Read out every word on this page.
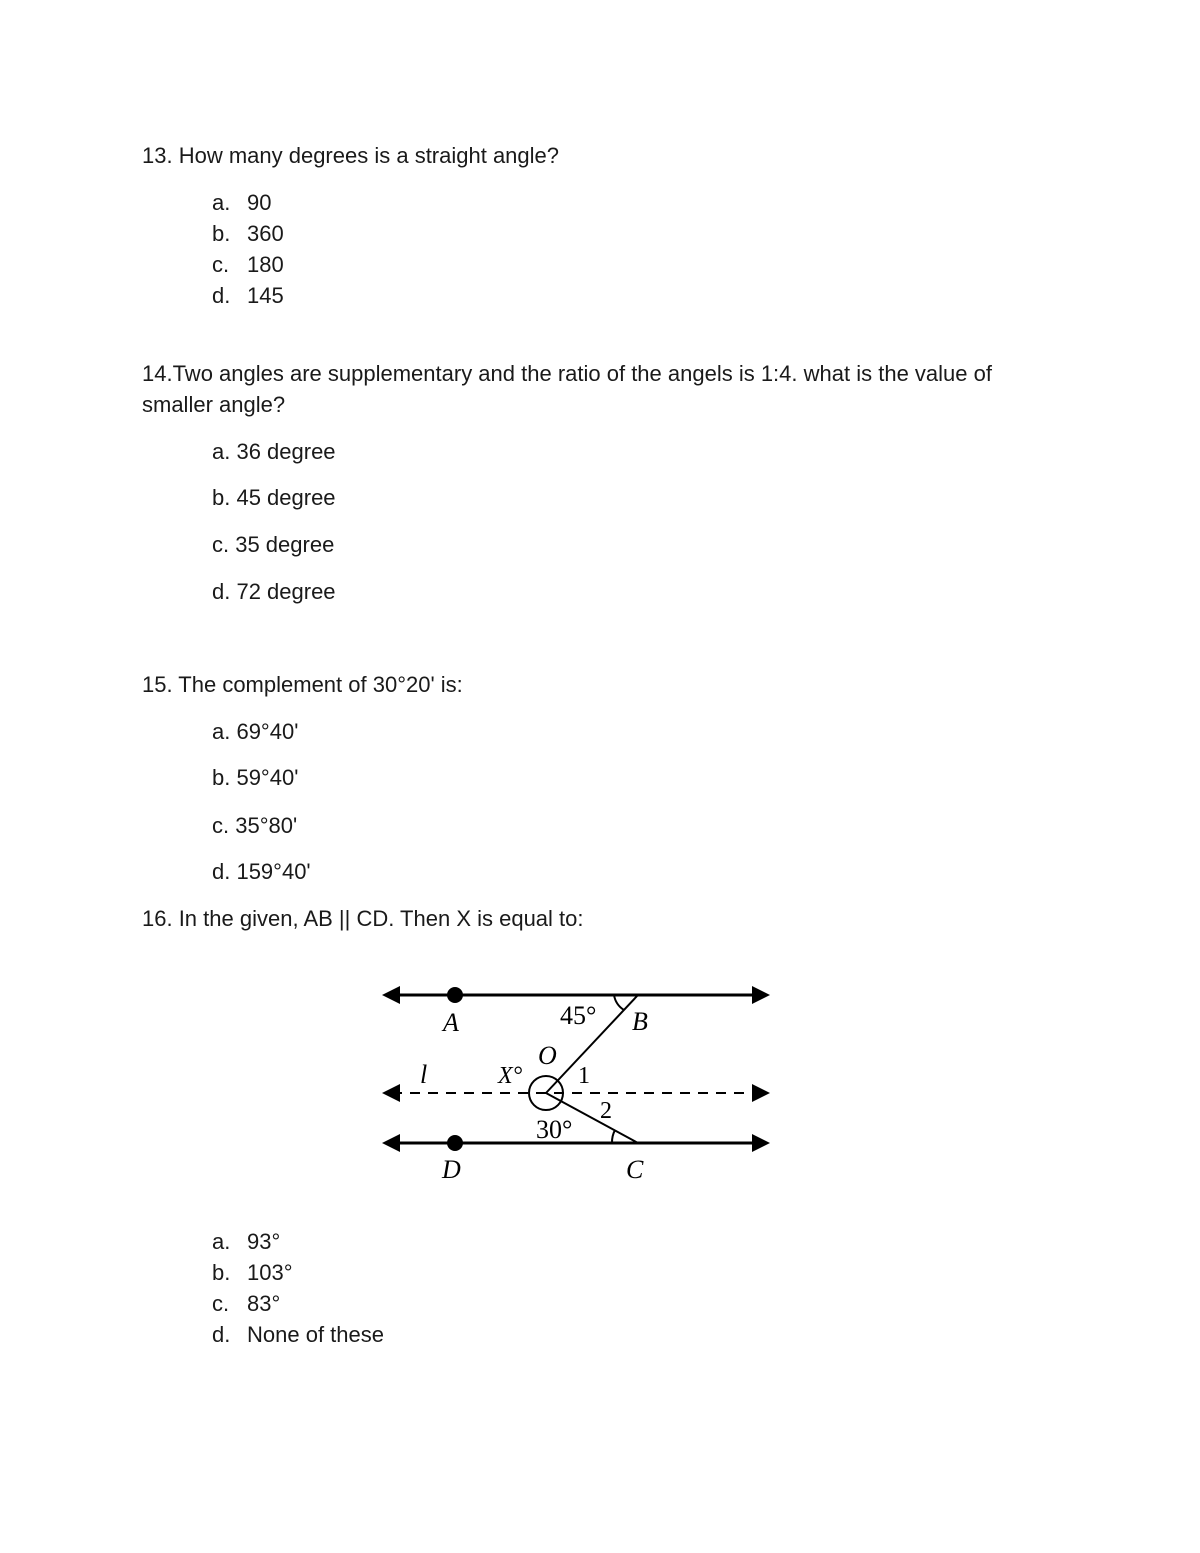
13. How many degrees is a straight angle?
a. 90
b. 360
c. 180
d. 145
14.Two angles are supplementary and the ratio of the angels is 1:4. what is the value of
smaller angle?
a. 36 degree
b. 45 degree
c. 35 degree
d. 72 degree
15. The complement of 30°20' is:
a. 69°40'
b. 59°40'
c. 35°80'
d. 159°40'
16. In the given, AB || CD. Then X is equal to:
A	B
D	C
O
l	X° 1
2
45°
30°
a. 93°
b. 103°
c. 83°
d. None of these
